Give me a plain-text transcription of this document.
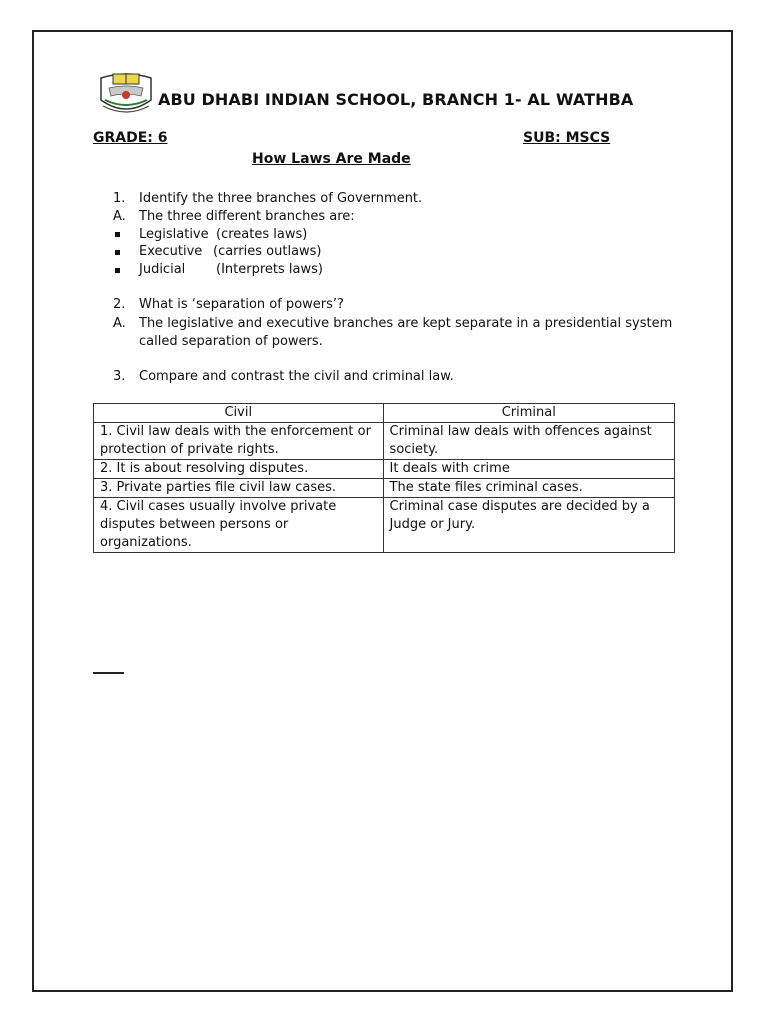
ABU DHABI INDIAN SCHOOL, BRANCH 1- AL WATHBA
GRADE: 6	SUB: MSCS
How Laws Are Made
1. Identify the three branches of Government.
A. The three different branches are:
Legislative (creates laws)
Executive (carries outlaws)
Judicial (Interprets laws)
2. What is ‘separation of powers’?
A. The legislative and executive branches are kept separate in a presidential system
called separation of powers.
3. Compare and contrast the civil and criminal law.
Civil	Criminal
1. Civil law deals with the enforcement or protection of private rights.	Criminal law deals with offences against society.
2. It is about resolving disputes.	It deals with crime
3. Private parties file civil law cases.	The state files criminal cases.
4. Civil cases usually involve private disputes between persons or organizations.	Criminal case disputes are decided by a Judge or Jury.
